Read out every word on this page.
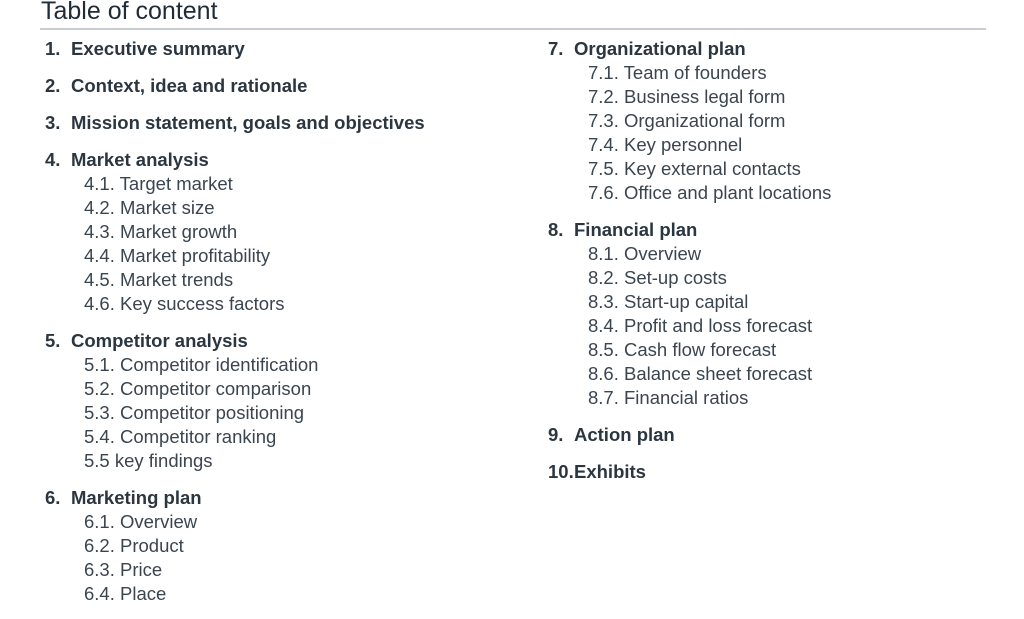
Table of content
1. Executive summary
2. Context, idea and rationale
3. Mission statement, goals and objectives
4. Market analysis
4.1. Target market
4.2. Market size
4.3. Market growth
4.4. Market profitability
4.5. Market trends
4.6. Key success factors
5. Competitor analysis
5.1. Competitor identification
5.2. Competitor comparison
5.3. Competitor positioning
5.4. Competitor ranking
5.5 key findings
6. Marketing plan
6.1. Overview
6.2. Product
6.3. Price
6.4. Place
7. Organizational plan
7.1. Team of founders
7.2. Business legal form
7.3. Organizational form
7.4. Key personnel
7.5. Key external contacts
7.6. Office and plant locations
8. Financial plan
8.1. Overview
8.2. Set-up costs
8.3. Start-up capital
8.4. Profit and loss forecast
8.5. Cash flow forecast
8.6. Balance sheet forecast
8.7. Financial ratios
9. Action plan
10. Exhibits
